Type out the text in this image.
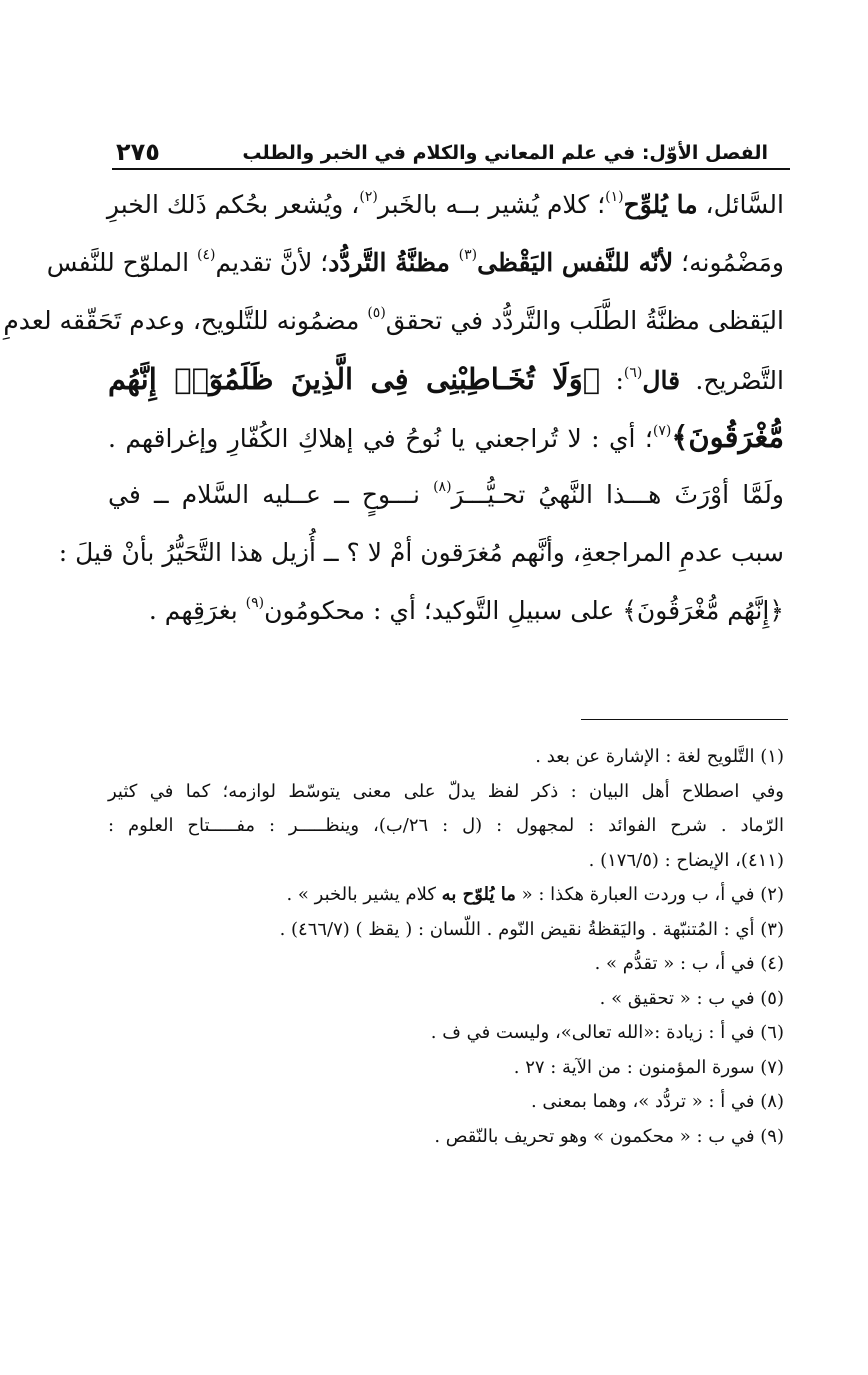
الفصل الأوّل: في علم المعاني والكلام في الخبر والطلب
٢٧٥
السَّائل، ما يُلوِّح$^{(١)}$؛ كلام يُشير بــه بالخَبر$^{(٢)}$، ويُشعر بحُكم ذَلك الخبرِ
ومَضْمُونه؛ لأنّه للنَّفس اليَقْظى$^{(٣)}$ مظنَّةُ التَّردُّد؛ لأنَّ تقديم$^{(٤)}$ الملوّح للنَّفس
اليَقظى مظنَّةُ الطَّلَب والتَّردُّد في تحقق$^{(٥)}$ مضمُونه للتَّلويح، وعدم تَحَقّقه لعدمِ
التَّصْريح. قال$^{(٦)}$: ﴿وَلَا تُخَـاطِبْنِى فِى الَّذِينَ ظَلَمُوٓا۟ إِنَّهُم
مُّغْرَقُونَ﴾$^{(٧)}$؛ أي : لا تُراجعني يا نُوحُ في إهلاكِ الكُفّارِ وإغراقهم .
ولَمَّا أوْرَثَ هـــذا النَّهيُ تحـيُّـــرَ$^{(٨)}$ نـــوحٍ ــ عــليه السَّلام ــ في
سبب عدمِ المراجعةِ، وأنَّهم مُغرَقون أمْ لا ؟ ــ أُزيل هذا التَّحَيُّرُ بأنْ قيلَ :
﴿إِنَّهُم مُّغْرَقُونَ﴾ على سبيلِ التَّوكيد؛ أي : محكومُون$^{(٩)}$ بغرَقِهم .
(١) التَّلويح لغة : الإشارة عن بعد .
وفي اصطلاح أهل البيان : ذكر لفظ يدلّ على معنى يتوسّط لوازمه؛ كما في كثير
الرّماد . شرح الفوائد : لمجهول : (ل : ٢٦/ب)، وينظـــــر : مفـــــتاح العلوم :
(٤١١)، الإيضاح : (١٧٦/٥) .
(٢) في أ، ب وردت العبارة هكذا : « ما يُلوّح به كلام يشير بالخبر » .
(٣) أي : المُتنبّهة . واليَقظةُ نقيض النّوم . اللّسان : ( يقظ ) (٤٦٦/٧) .
(٤) في أ، ب : « تقدُّم » .
(٥) في ب : « تحقيق » .
(٦) في أ : زيادة :«الله تعالى»، وليست في ف .
(٧) سورة المؤمنون : من الآية : ٢٧ .
(٨) في أ : « تردُّد »، وهما بمعنى .
(٩) في ب : « محكمون » وهو تحريف بالنّقص .
